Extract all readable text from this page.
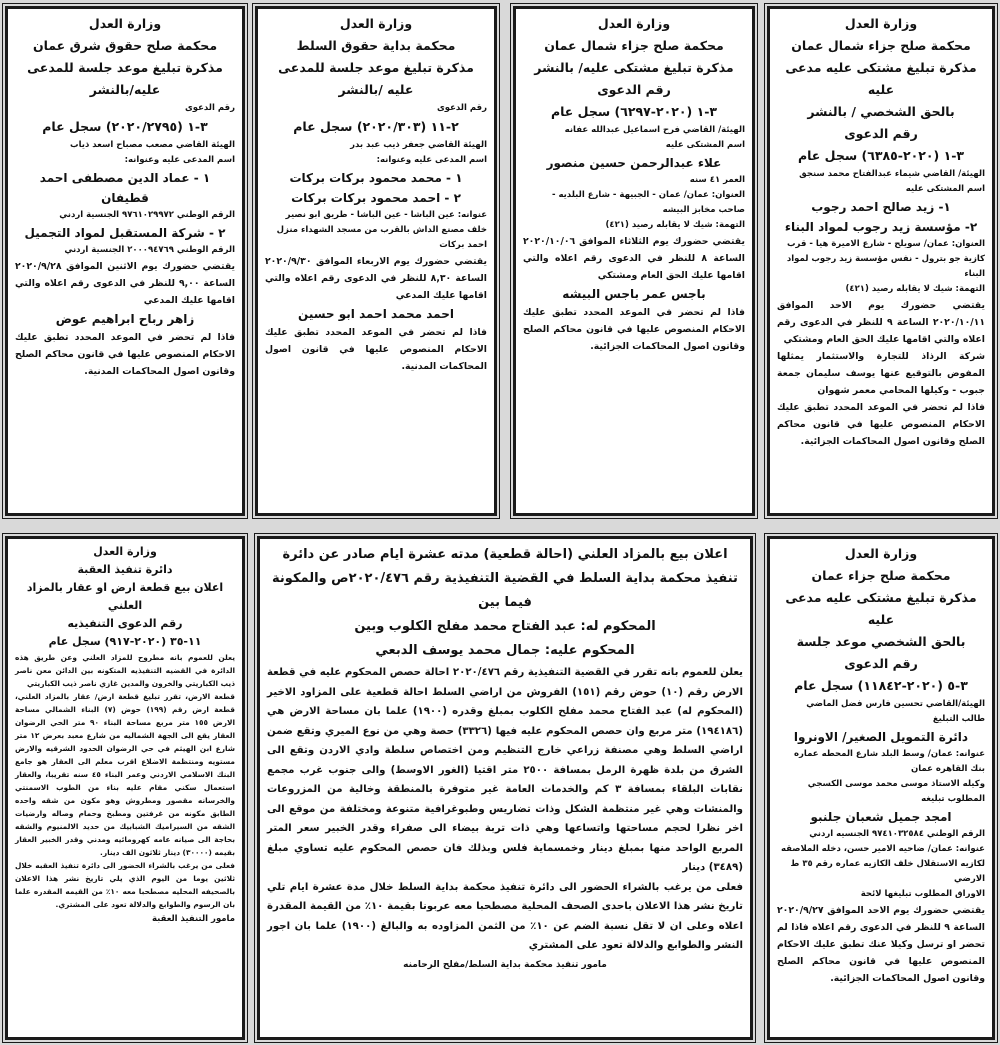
وزارة العدل
محكمة صلح جزاء شمال عمان
مذكرة تبليغ مشتكى عليه مدعى عليه
بالحق الشخصي / بالنشر
رقم الدعوى
٣-١ (٢٠٢٠-٦٣٨٥) سجل عام
الهيئة/ القاضي شيماء عبدالفتاح محمد سنجق
اسم المشتكى عليه
١- زيد صالح احمد رجوب
٢- مؤسسة زيد رجوب لمواد البناء
العنوان: عمان/ سويلح - شارع الاميرة هيا - قرب كازية جو بترول - نفس مؤسسة زيد رجوب لمواد البناء
التهمة: شيك لا يقابله رصيد (٤٢١)
يقتضي حضورك يوم الاحد الموافق ٢٠٢٠/١٠/١١ الساعة ٩ للنظر في الدعوى رقم اعلاه والتي اقامها عليك الحق العام ومشتكي
شركة الرذاذ للتجارة والاستثمار يمثلها المفوض بالتوقيع عنها يوسف سليمان جمعة جبوب - وكيلها المحامي معمر شهوان
فاذا لم تحضر في الموعد المحدد تطبق عليك الاحكام المنصوص عليها في قانون محاكم الصلح وقانون اصول المحاكمات الجزائية.
وزارة العدل
محكمة صلح جزاء شمال عمان
مذكرة تبليغ مشتكى عليه/ بالنشر
رقم الدعوى
٣-١ (٢٠٢٠-٦٢٩٧) سجل عام
الهيئة/ القاضي فرح اسماعيل عبدالله عفانه
اسم المشتكى عليه
علاء عبدالرحمن حسين منصور
العمر ٤١ سنه
العنوان: عمان/ عمان - الجبيهة - شارع البلديه - صاحب مخابز البيشه
التهمة: شيك لا يقابله رصيد (٤٢١)
يقتضي حضورك يوم الثلاثاء الموافق ٢٠٢٠/١٠/٠٦ الساعة ٨ للنظر في الدعوى رقم اعلاه والتي اقامها عليك الحق العام ومشتكي
باجس عمر باجس البيشه
فاذا لم تحضر في الموعد المحدد تطبق عليك الاحكام المنصوص عليها في قانون محاكم الصلح وقانون اصول المحاكمات الجزائية.
وزارة العدل
محكمة بداية حقوق السلط
مذكرة تبليغ موعد جلسة للمدعى
عليه /بالنشر
رقم الدعوى
٢-١١ (٢٠٢٠/٣٠٣) سجل عام
الهيئة القاضي جعفر ذيب عبد بدر
اسم المدعى عليه وعنوانه:
١ - محمد محمود بركات بركات
٢ - احمد محمود بركات بركات
عنوانه: عين الباشا - عين الباشا - طريق ابو نصير خلف مصنع الداش بالقرب من مسجد الشهداء منزل احمد بركات
يقتضي حضورك يوم الاربعاء الموافق ٢٠٢٠/٩/٣٠ الساعة ٨,٣٠ للنظر في الدعوى رقم اعلاه والتي اقامها عليك المدعي
احمد محمد احمد ابو حسين
فاذا لم تحضر في الموعد المحدد تطبق عليك الاحكام المنصوص عليها في قانون اصول المحاكمات المدنية.
وزارة العدل
محكمة صلح حقوق شرق عمان
مذكرة تبليغ موعد جلسة للمدعى
عليه/بالنشر
رقم الدعوى
٣-١ (٢٠٢٠/٢٧٩٥) سجل عام
الهيئة القاضي مصعب مصباح اسعد ذياب
اسم المدعى عليه وعنوانه:
١ - عماد الدين مصطفى احمد قطيفان
الرقم الوطني ٩٧٦١٠٢٩٩٧٢ الجنسية اردني
٢ - شركة المستقبل لمواد التجميل
الرقم الوطني ٢٠٠٠٩٤٧٦٩ الجنسية اردني
يقتضي حضورك يوم الاثنين الموافق ٢٠٢٠/٩/٢٨ الساعة ٩,٠٠ للنظر في الدعوى رقم اعلاه والتي اقامها عليك المدعي
زاهر رباح ابراهيم عوض
فاذا لم تحضر في الموعد المحدد تطبق عليك الاحكام المنصوص عليها في قانون محاكم الصلح وقانون اصول المحاكمات المدنية.
وزارة العدل
محكمة صلح جزاء عمان
مذكرة تبليغ مشتكى عليه مدعى عليه
بالحق الشخصي موعد جلسة
رقم الدعوى
٣-٥ (٢٠٢٠-١١٨٤٢) سجل عام
الهيئة/القاضي تحسين فارس فضل الماضي
طالب التبليغ
دائرة التمويل الصغير/ الاونروا
عنوانه: عمان/ وسط البلد شارع المحطه عماره بنك القاهره عمان
وكيله الاستاذ موسى محمد موسى الكسجي
المطلوب تبليغه
امجد جميل شعبان جلنبو
الرقم الوطني ٩٧٤١٠٣٢٥٨٤ الجنسيه اردني
عنوانه: عمان/ ضاحيه الامير حسن، دخله الملاصقه لكازيه الاستقلال خلف الكازيه عماره رقم ٣٥ ط الارضي
الاوراق المطلوب تبليغها لائحة
يقتضي حضورك يوم الاحد الموافق ٢٠٢٠/٩/٢٧ الساعة ٩ للنظر في الدعوى رقم اعلاه فاذا لم تحضر او ترسل وكيلا عنك تطبق عليك الاحكام المنصوص عليها في قانون محاكم الصلح وقانون اصول المحاكمات الجزائية.
اعلان بيع بالمزاد العلني (احالة قطعية) مدته عشرة ايام صادر عن دائرة تنفيذ محكمة بداية السلط في القضية التنفيذية رقم ٢٠٢٠/٤٧٦ص والمكونة فيما بين
المحكوم له: عبد الفتاح محمد مفلح الكلوب وبين
المحكوم عليه: جمال محمد يوسف الدبعي
يعلن للعموم بانه تقرر في القضية التنفيذية رقم ٢٠٢٠/٤٧٦ احالة حصص المحكوم عليه في قطعة الارض رقم (١٠) حوض رقم (١٥١) الفروش من اراضي السلط احالة قطعية على المزاود الاخير (المحكوم له) عبد الفتاح محمد مفلح الكلوب بمبلغ وقدره (١٩٠٠) علما بان مساحة الارض هي (١٩٤١٨٦) متر مربع وان حصص المحكوم عليه فيها (٣٣٢٦) حصة وهي من نوع الميري وتقع ضمن اراضي السلط وهي مصنفة زراعي خارج التنظيم ومن اختصاص سلطة وادي الاردن وتقع الى الشرق من بلدة ظهرة الرمل بمسافة ٢٥٠٠ متر اقتيا (الغور الاوسط) والى جنوب غرب مجمع نقابات البلقاء بمسافة ٣ كم والخدمات العامة غير متوفرة بالمنطقة وخالية من المزروعات والمنشات وهي غير منتظمة الشكل وذات تضاريس وطبوغرافية متنوعة ومختلفة من موقع الى اخر نظرا لحجم مساحتها واتساعها وهي ذات تربة بيضاء الى صفراء وقدر الخبير سعر المتر المربع الواحد منها بمبلغ دينار وخمسماية فلس وبذلك فان حصص المحكوم عليه تساوي مبلغ (٣٤٨٩) دينار
فعلى من يرغب بالشراء الحضور الى دائرة تنفيذ محكمة بداية السلط خلال مدة عشرة ايام تلي تاريخ نشر هذا الاعلان باحدى الصحف المحلية مصطحبا معه عربونا بقيمة ١٠٪ من القيمة المقدرة اعلاه وعلى ان لا تقل نسبة الضم عن ١٠٪ من الثمن المزاوده به والبالغ (١٩٠٠) علما بان اجور النشر والطوابع والدلالة تعود على المشتري
مامور تنفيذ محكمة بداية السلط/مفلح الرحامنه
وزارة العدل
دائرة تنفيذ العقبة
اعلان بيع قطعة ارض او عقار بالمزاد العلني
رقم الدعوى التنفيذيه
١١-٣٥ (٢٠٢٠-٩١٧) سجل عام
يعلن للعموم بانه مطروح للمزاد العلني وعن طريق هذه الدائرة في القضيه التنفيذيه المتكونه بين الدائن معن ناصر ذيب الكباريتي والخرون والمدين غازي ناصر ذيب الكباريتي
قطعة الارض، تقرر تبليغ قطعة ارض/ عقار بالمزاد العلني، قطعة ارض رقم (١٩٩) حوض (٧) البناء الشمالي مساحة الارض ١٥٥ متر مربع مساحة البناء ٩٠ متر الحي الرضوان العقار يقع الى الجهة الشماليه من شارع معبد بعرض ١٢ متر شارع ابن الهيثم في حي الرضوان الحدود الشرقيه والارض مستويه ومنتظمة الاضلاع اقرب معلم الى العقار هو جامع البنك الاسلامي الاردني وعمر البناء ٤٥ سنه تقريبا، والعقار استعمال سكني مقام عليه بناء من الطوب الاسمنتي والخرسانه مقصور ومطروش وهو مكون من شقه واحده الطابق مكونه من غرفتين ومطبخ وحمام وصاله وارضيات الشقه من السيراميك الشبابيك من حديد الالمنيوم والشقه بحاجة الى صيانه عامه كهرومائيه ومدني وقدر الخبير العقار بقيمه (٣٠٠٠٠) دينار ثلاثون الف دينار.
فعلى من يرغب بالشراء الحضور الى دائرة تنفيذ العقبه خلال ثلاثين يوما من اليوم الذي يلي تاريخ نشر هذا الاعلان بالصحيفه المحليه مصطحبا معه ١٠٪ من القيمه المقدره علما بان الرسوم والطوابع والدلالة تعود على المشتري.
مامور التنفيذ العقبة
